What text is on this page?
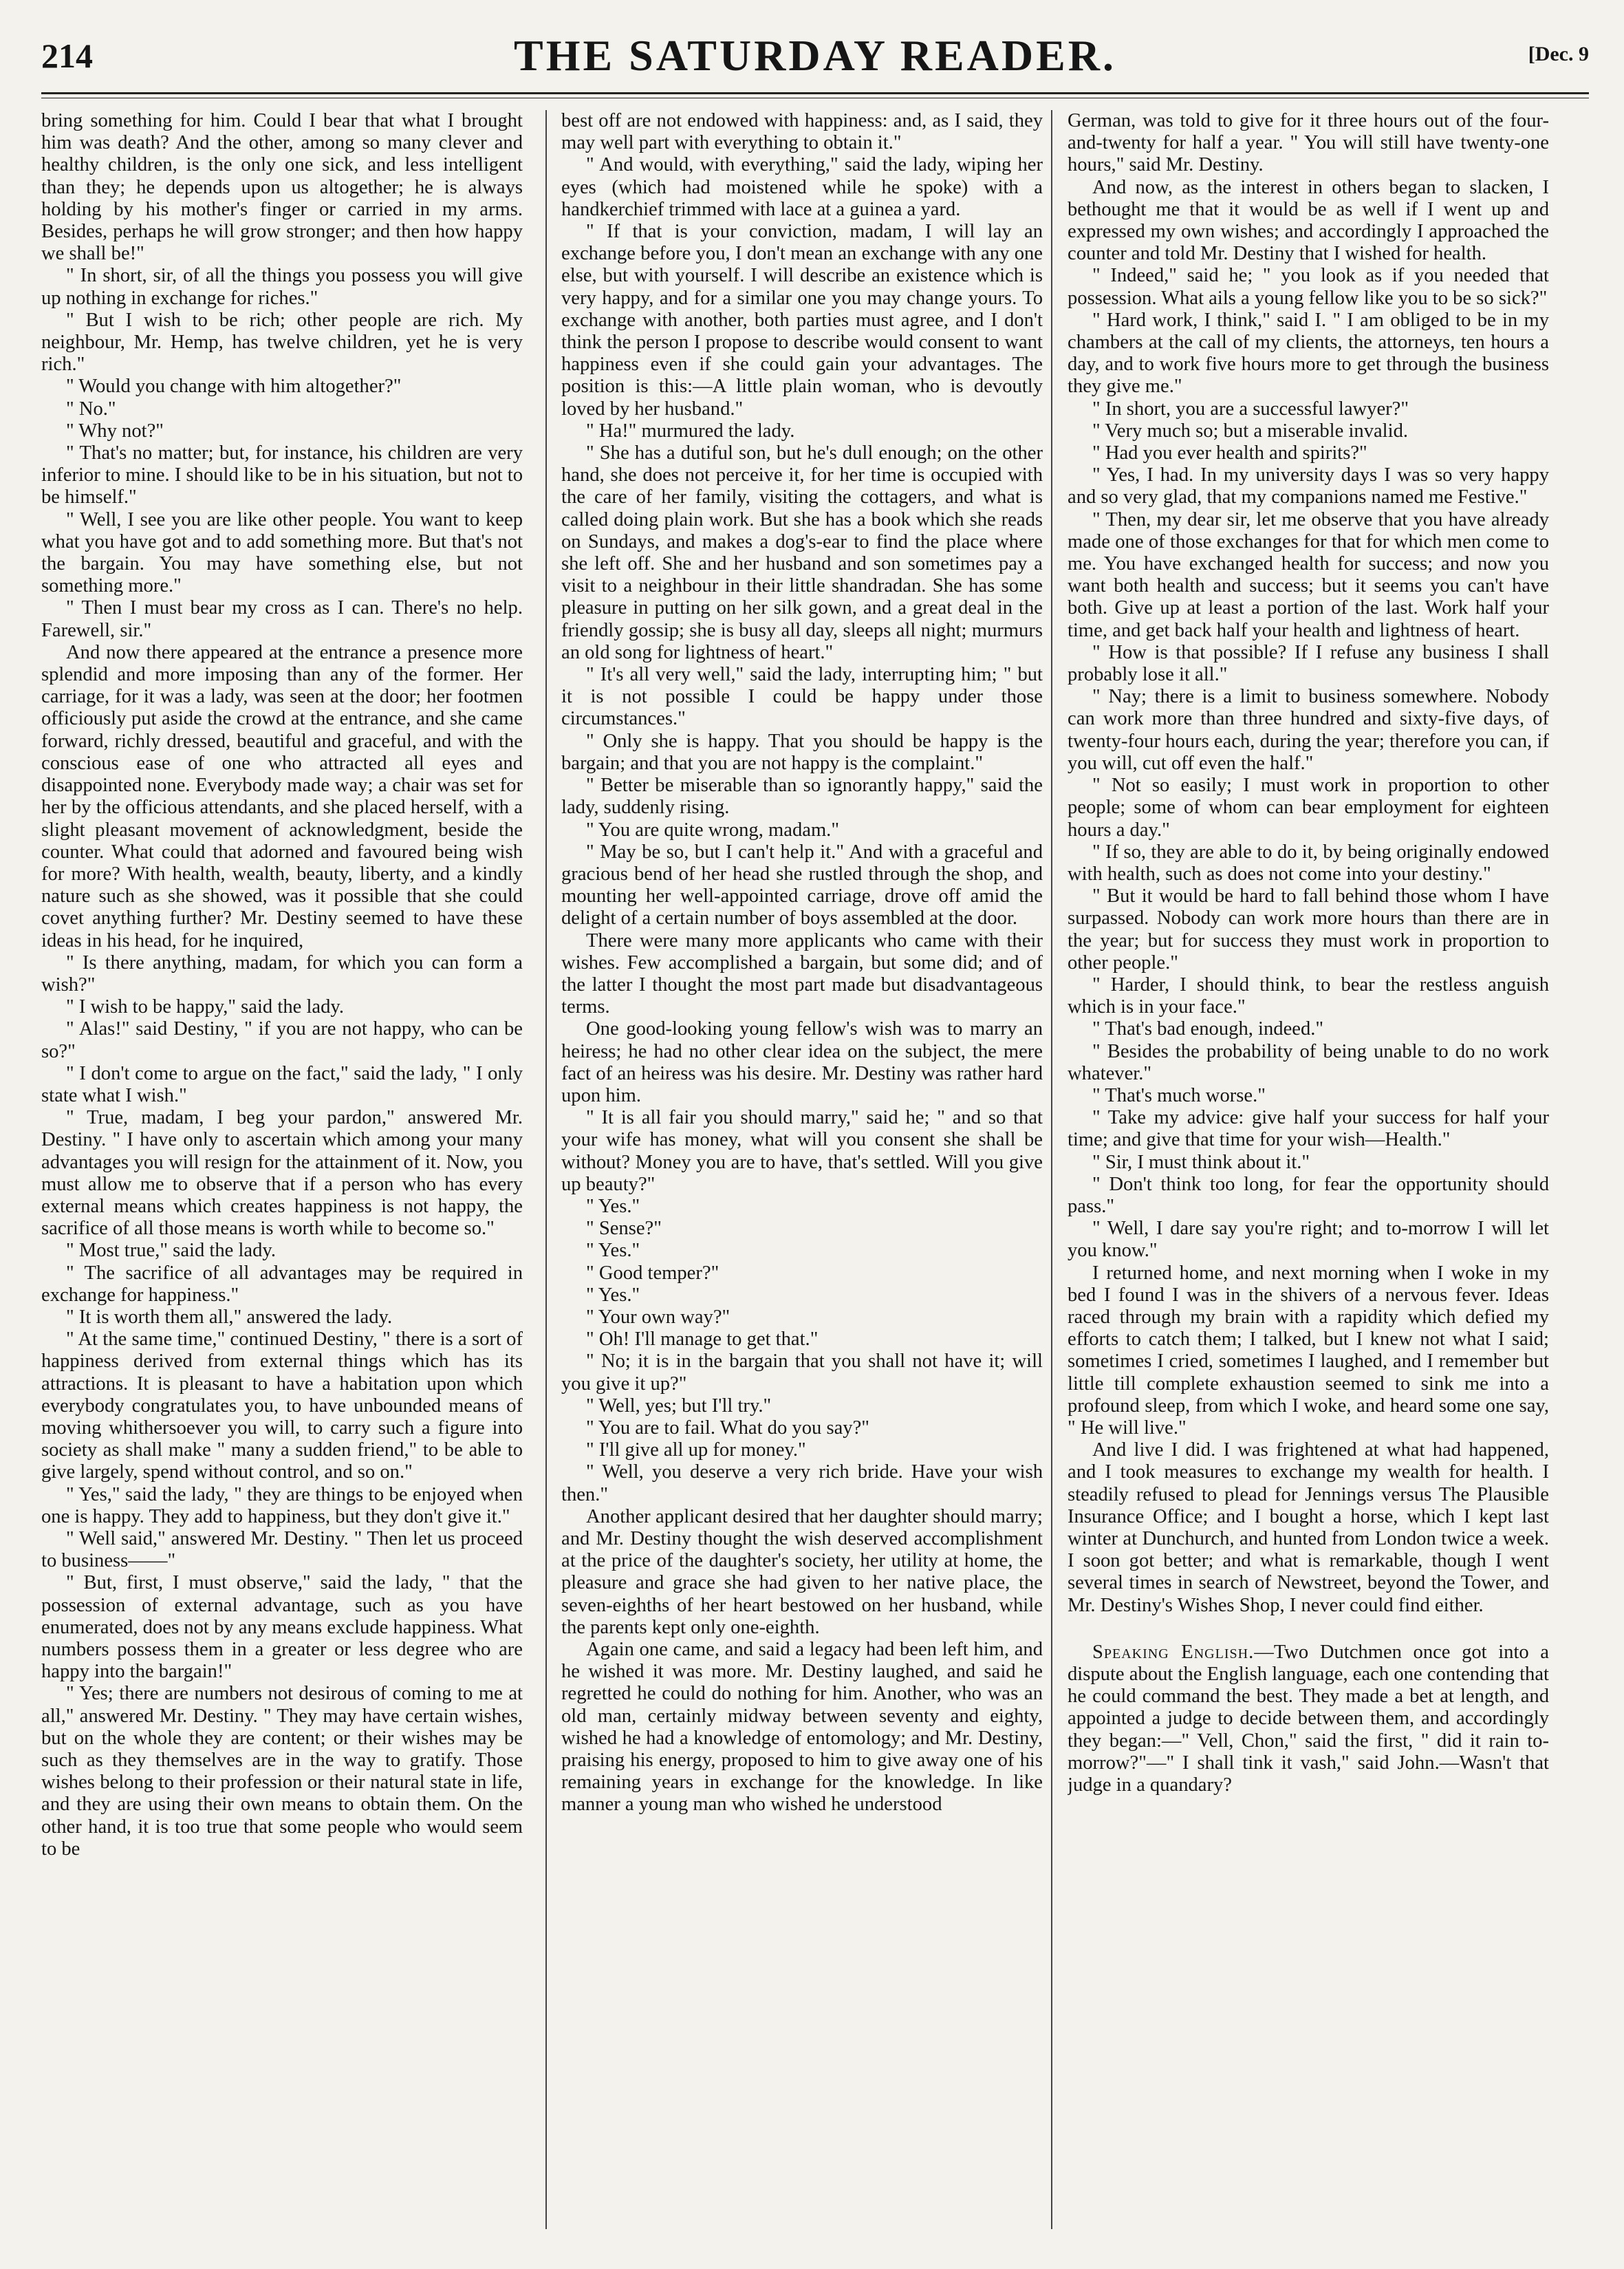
214	THE SATURDAY READER.	[Dec. 9

bring something for him. Could I bear that what I brought him was death? And the other, among so many clever and healthy children, is the only one sick, and less intelligent than they; he depends upon us altogether; he is always holding by his mother's finger or carried in my arms. Besides, perhaps he will grow stronger; and then how happy we shall be!"

" In short, sir, of all the things you possess you will give up nothing in exchange for riches."

" But I wish to be rich; other people are rich. My neighbour, Mr. Hemp, has twelve children, yet he is very rich."

" Would you change with him altogether?"

" No."

" Why not?"

" That's no matter; but, for instance, his children are very inferior to mine. I should like to be in his situation, but not to be himself."

" Well, I see you are like other people. You want to keep what you have got and to add something more. But that's not the bargain. You may have something else, but not something more."

" Then I must bear my cross as I can. There's no help. Farewell, sir."

And now there appeared at the entrance a presence more splendid and more imposing than any of the former. Her carriage, for it was a lady, was seen at the door; her footmen officiously put aside the crowd at the entrance, and she came forward, richly dressed, beautiful and graceful, and with the conscious ease of one who attracted all eyes and disappointed none. Everybody made way; a chair was set for her by the officious attendants, and she placed herself, with a slight pleasant movement of acknowledgment, beside the counter. What could that adorned and favoured being wish for more? With health, wealth, beauty, liberty, and a kindly nature such as she showed, was it possible that she could covet anything further? Mr. Destiny seemed to have these ideas in his head, for he inquired,

" Is there anything, madam, for which you can form a wish?"

" I wish to be happy," said the lady.

" Alas!" said Destiny, " if you are not happy, who can be so?"

" I don't come to argue on the fact," said the lady, " I only state what I wish."

" True, madam, I beg your pardon," answered Mr. Destiny. " I have only to ascertain which among your many advantages you will resign for the attainment of it. Now, you must allow me to observe that if a person who has every external means which creates happiness is not happy, the sacrifice of all those means is worth while to become so."

" Most true," said the lady.

" The sacrifice of all advantages may be required in exchange for happiness."

" It is worth them all," answered the lady.

" At the same time," continued Destiny, " there is a sort of happiness derived from external things which has its attractions. It is pleasant to have a habitation upon which everybody congratulates you, to have unbounded means of moving whithersoever you will, to carry such a figure into society as shall make " many a sudden friend," to be able to give largely, spend without control, and so on."

" Yes," said the lady, " they are things to be enjoyed when one is happy. They add to happiness, but they don't give it."

" Well said," answered Mr. Destiny. " Then let us proceed to business——"

" But, first, I must observe," said the lady, " that the possession of external advantage, such as you have enumerated, does not by any means exclude happiness. What numbers possess them in a greater or less degree who are happy into the bargain!"

" Yes; there are numbers not desirous of coming to me at all," answered Mr. Destiny. " They may have certain wishes, but on the whole they are content; or their wishes may be such as they themselves are in the way to gratify. Those wishes belong to their profession or their natural state in life, and they are using their own means to obtain them. On the other hand, it is too true that some people who would seem to be

best off are not endowed with happiness: and, as I said, they may well part with everything to obtain it."

" And would, with everything," said the lady, wiping her eyes (which had moistened while he spoke) with a handkerchief trimmed with lace at a guinea a yard.

" If that is your conviction, madam, I will lay an exchange before you, I don't mean an exchange with any one else, but with yourself. I will describe an existence which is very happy, and for a similar one you may change yours. To exchange with another, both parties must agree, and I don't think the person I propose to describe would consent to want happiness even if she could gain your advantages. The position is this:—A little plain woman, who is devoutly loved by her husband."

" Ha!" murmured the lady.

" She has a dutiful son, but he's dull enough; on the other hand, she does not perceive it, for her time is occupied with the care of her family, visiting the cottagers, and what is called doing plain work. But she has a book which she reads on Sundays, and makes a dog's-ear to find the place where she left off. She and her husband and son sometimes pay a visit to a neighbour in their little shandradan. She has some pleasure in putting on her silk gown, and a great deal in the friendly gossip; she is busy all day, sleeps all night; murmurs an old song for lightness of heart."

" It's all very well," said the lady, interrupting him; " but it is not possible I could be happy under those circumstances."

" Only she is happy. That you should be happy is the bargain; and that you are not happy is the complaint."

" Better be miserable than so ignorantly happy," said the lady, suddenly rising.

" You are quite wrong, madam."

" May be so, but I can't help it." And with a graceful and gracious bend of her head she rustled through the shop, and mounting her well-appointed carriage, drove off amid the delight of a certain number of boys assembled at the door.

There were many more applicants who came with their wishes. Few accomplished a bargain, but some did; and of the latter I thought the most part made but disadvantageous terms.

One good-looking young fellow's wish was to marry an heiress; he had no other clear idea on the subject, the mere fact of an heiress was his desire. Mr. Destiny was rather hard upon him.

" It is all fair you should marry," said he; " and so that your wife has money, what will you consent she shall be without? Money you are to have, that's settled. Will you give up beauty?"

" Yes."

" Sense?"

" Yes."

" Good temper?"

" Yes."

" Your own way?"

" Oh! I'll manage to get that."

" No; it is in the bargain that you shall not have it; will you give it up?"

" Well, yes; but I'll try."

" You are to fail. What do you say?"

" I'll give all up for money."

" Well, you deserve a very rich bride. Have your wish then."

Another applicant desired that her daughter should marry; and Mr. Destiny thought the wish deserved accomplishment at the price of the daughter's society, her utility at home, the pleasure and grace she had given to her native place, the seven-eighths of her heart bestowed on her husband, while the parents kept only one-eighth.

Again one came, and said a legacy had been left him, and he wished it was more. Mr. Destiny laughed, and said he regretted he could do nothing for him. Another, who was an old man, certainly midway between seventy and eighty, wished he had a knowledge of entomology; and Mr. Destiny, praising his energy, proposed to him to give away one of his remaining years in exchange for the knowledge. In like manner a young man who wished he understood

German, was told to give for it three hours out of the four-and-twenty for half a year. " You will still have twenty-one hours," said Mr. Destiny.

And now, as the interest in others began to slacken, I bethought me that it would be as well if I went up and expressed my own wishes; and accordingly I approached the counter and told Mr. Destiny that I wished for health.

" Indeed," said he; " you look as if you needed that possession. What ails a young fellow like you to be so sick?"

" Hard work, I think," said I. " I am obliged to be in my chambers at the call of my clients, the attorneys, ten hours a day, and to work five hours more to get through the business they give me."

" In short, you are a successful lawyer?"

" Very much so; but a miserable invalid.

" Had you ever health and spirits?"

" Yes, I had. In my university days I was so very happy and so very glad, that my companions named me Festive."

" Then, my dear sir, let me observe that you have already made one of those exchanges for that for which men come to me. You have exchanged health for success; and now you want both health and success; but it seems you can't have both. Give up at least a portion of the last. Work half your time, and get back half your health and lightness of heart.

" How is that possible? If I refuse any business I shall probably lose it all."

" Nay; there is a limit to business somewhere. Nobody can work more than three hundred and sixty-five days, of twenty-four hours each, during the year; therefore you can, if you will, cut off even the half."

" Not so easily; I must work in proportion to other people; some of whom can bear employment for eighteen hours a day."

" If so, they are able to do it, by being originally endowed with health, such as does not come into your destiny."

" But it would be hard to fall behind those whom I have surpassed. Nobody can work more hours than there are in the year; but for success they must work in proportion to other people."

" Harder, I should think, to bear the restless anguish which is in your face."

" That's bad enough, indeed."

" Besides the probability of being unable to do no work whatever."

" That's much worse."

" Take my advice: give half your success for half your time; and give that time for your wish—Health."

" Sir, I must think about it."

" Don't think too long, for fear the opportunity should pass."

" Well, I dare say you're right; and to-morrow I will let you know."

I returned home, and next morning when I woke in my bed I found I was in the shivers of a nervous fever. Ideas raced through my brain with a rapidity which defied my efforts to catch them; I talked, but I knew not what I said; sometimes I cried, sometimes I laughed, and I remember but little till complete exhaustion seemed to sink me into a profound sleep, from which I woke, and heard some one say, " He will live."

And live I did. I was frightened at what had happened, and I took measures to exchange my wealth for health. I steadily refused to plead for Jennings versus The Plausible Insurance Office; and I bought a horse, which I kept last winter at Dunchurch, and hunted from London twice a week. I soon got better; and what is remarkable, though I went several times in search of Newstreet, beyond the Tower, and Mr. Destiny's Wishes Shop, I never could find either.

Speaking English.—Two Dutchmen once got into a dispute about the English language, each one contending that he could command the best. They made a bet at length, and appointed a judge to decide between them, and accordingly they began:—" Vell, Chon," said the first, " did it rain to-morrow?"—" I shall tink it vash," said John.—Wasn't that judge in a quandary?
